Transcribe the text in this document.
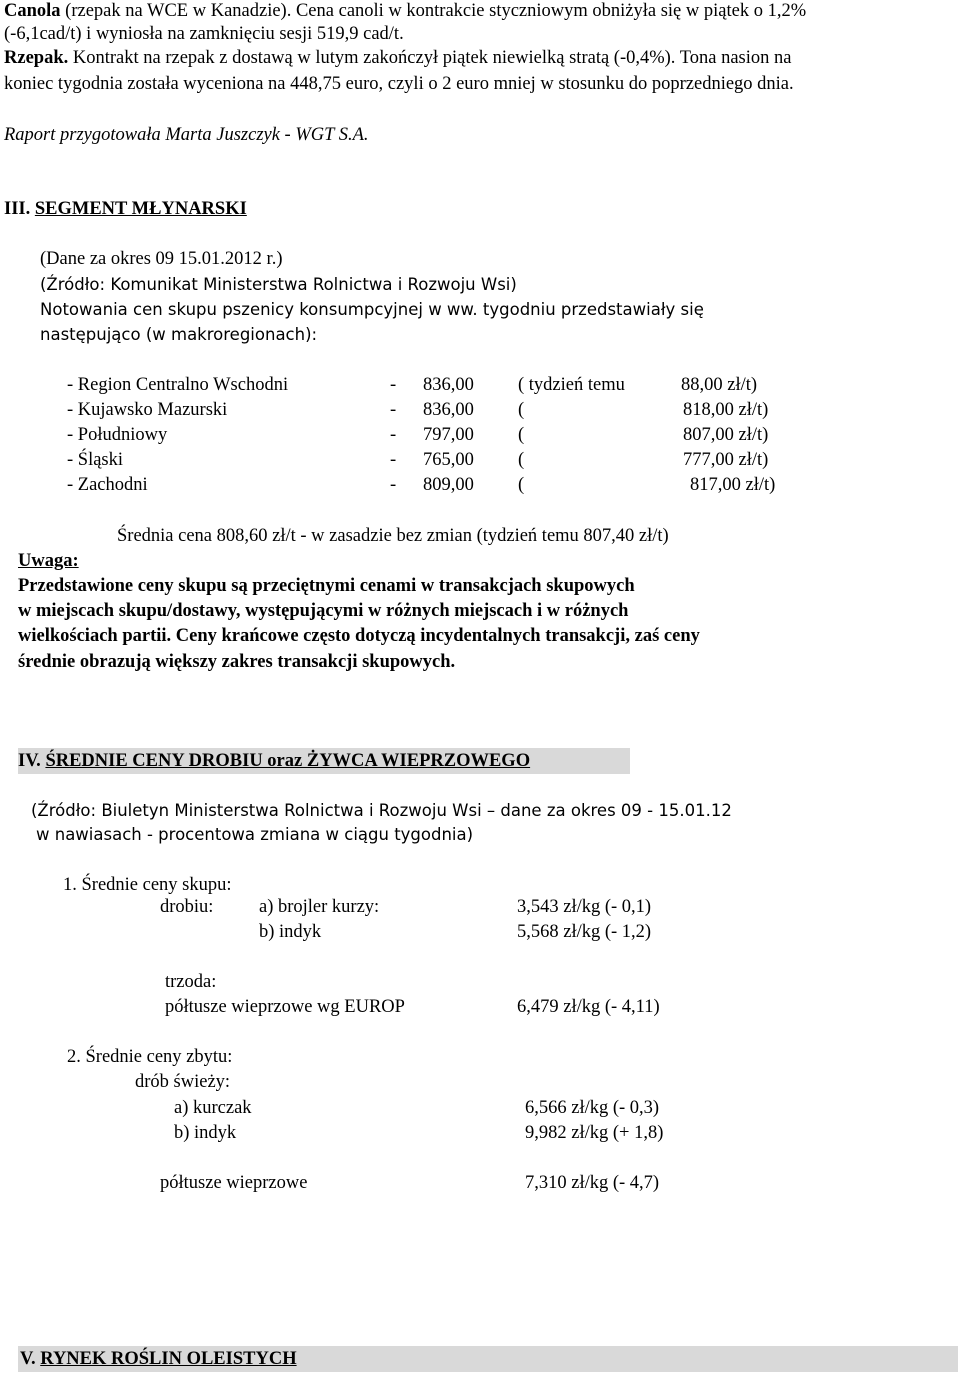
Canola (rzepak na WCE w Kanadzie). Cena canoli w kontrakcie styczniowym obniżyła się w piątek o 1,2%
(-6,1cad/t) i wyniosła na zamknięciu sesji 519,9 cad/t.
Rzepak. Kontrakt na rzepak z dostawą w lutym zakończył piątek niewielką stratą (-0,4%). Tona nasion na
koniec tygodnia została wyceniona na 448,75 euro, czyli o 2 euro mniej w stosunku do poprzedniego dnia.
Raport przygotowała Marta Juszczyk - WGT S.A.
III. SEGMENT MŁYNARSKI
(Dane za okres 09 15.01.2012 r.)
(Źródło: Komunikat Ministerstwa Rolnictwa i Rozwoju Wsi)
Notowania cen skupu pszenicy konsumpcyjnej w ww. tygodniu przedstawiały się
następująco (w makroregionach):
- Region Centralno Wschodni	- 836,00 ( tydzień temu	88,00 zł/t)
- Kujawsko Mazurski	- 836,00 (	818,00 zł/t)
- Południowy	- 797,00 (	807,00 zł/t)
- Śląski	- 765,00 (	777,00 zł/t)
- Zachodni	- 809,00 (	817,00 zł/t)
Średnia cena 808,60 zł/t - w zasadzie bez zmian (tydzień temu 807,40 zł/t)
Uwaga:
Przedstawione ceny skupu są przeciętnymi cenami w transakcjach skupowych
w miejscach skupu/dostawy, występującymi w różnych miejscach i w różnych
wielkościach partii. Ceny krańcowe często dotyczą incydentalnych transakcji, zaś ceny
średnie obrazują większy zakres transakcji skupowych.
IV. ŚREDNIE CENY DROBIU oraz ŻYWCA WIEPRZOWEGO
(Źródło: Biuletyn Ministerstwa Rolnictwa i Rozwoju Wsi – dane za okres 09 - 15.01.12
w nawiasach - procentowa zmiana w ciągu tygodnia)
1. Średnie ceny skupu:
drobiu: a) brojler kurzy:	3,543 zł/kg (- 0,1)
b) indyk	5,568 zł/kg (- 1,2)
trzoda:
półtusze wieprzowe wg EUROP	6,479 zł/kg (- 4,11)
2. Średnie ceny zbytu:
drób świeży:
a) kurczak	6,566 zł/kg (- 0,3)
b) indyk	9,982 zł/kg (+ 1,8)
półtusze wieprzowe	7,310 zł/kg (- 4,7)
V. RYNEK ROŚLIN OLEISTYCH
